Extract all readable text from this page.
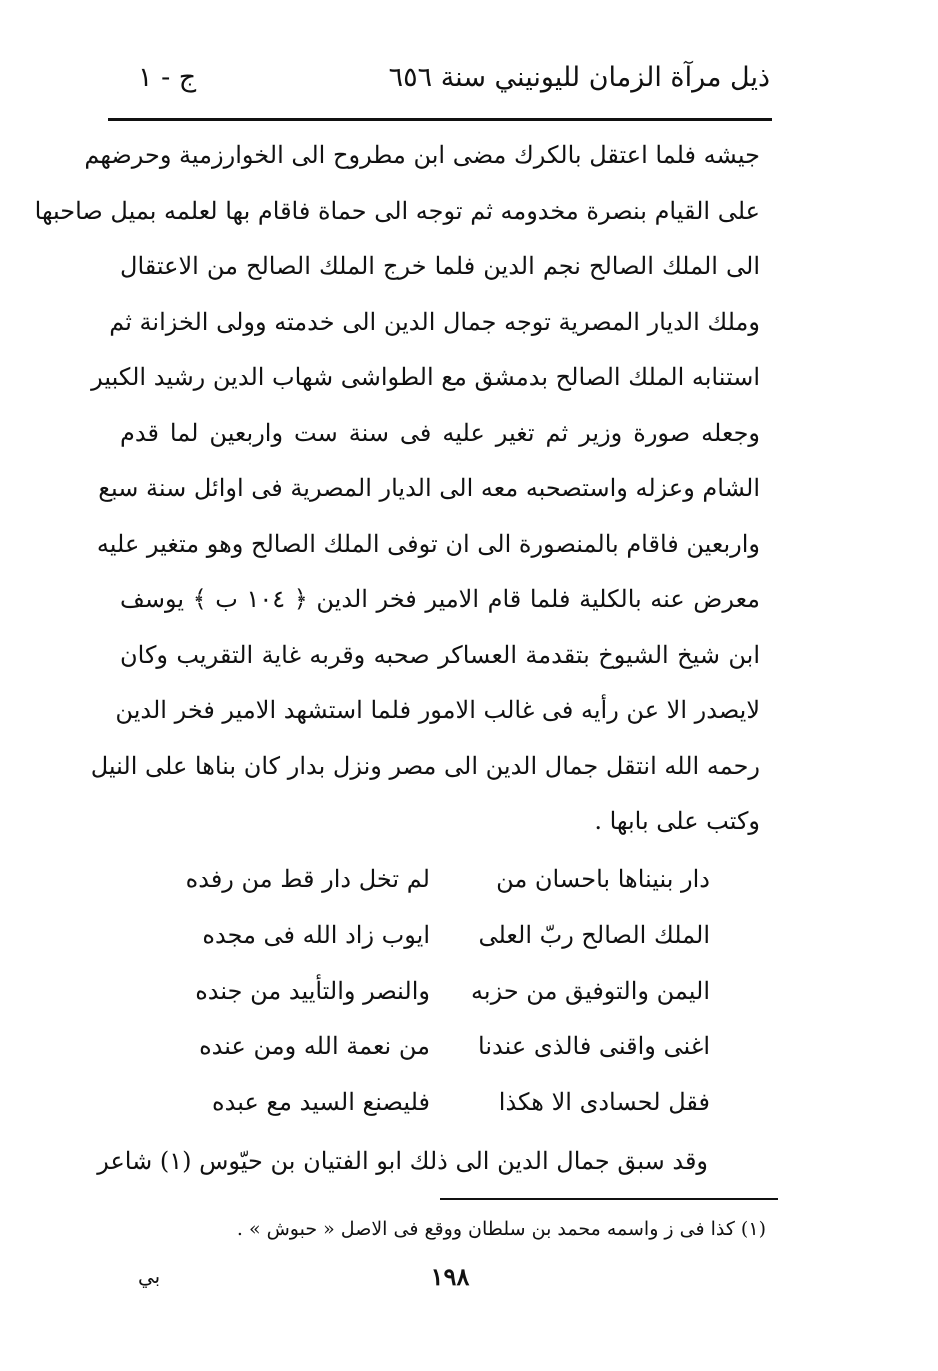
ذيل مرآة الزمان لليونيني سنة ٦٥٦
ج - ١
جيشه فلما اعتقل بالكرك مضى ابن مطروح الى الخوارزمية وحرضهم
على القيام بنصرة مخدومه ثم توجه الى حماة فاقام بها لعلمه بميل صاحبها
الى الملك الصالح نجم الدين فلما خرج الملك الصالح من الاعتقال
وملك الديار المصرية توجه جمال الدين الى خدمته وولى الخزانة ثم
استنابه الملك الصالح بدمشق مع الطواشى شهاب الدين رشيد الكبير
وجعله صورة وزير ثم تغير عليه فى سنة ست واربعين لما قدم
الشام وعزله واستصحبه معه الى الديار المصرية فى اوائل سنة سبع
واربعين فاقام بالمنصورة الى ان توفى الملك الصالح وهو متغير عليه
معرض عنه بالكلية فلما قام الامير فخر الدين ﴿ ١٠٤ ب ﴾ يوسف
ابن شيخ الشيوخ بتقدمة العساكر صحبه وقربه غاية التقريب وكان
لايصدر الا عن رأيه فى غالب الامور فلما استشهد الامير فخر الدين
رحمه الله انتقل جمال الدين الى مصر ونزل بدار كان بناها على النيل
وكتب على بابها .
دار بنيناها باحسان من
لم تخل دار قط من رفده
الملك الصالح ربّ العلى
ايوب زاد الله فى مجده
اليمن والتوفيق من حزبه
والنصر والتأييد من جنده
اغنى واقنى فالذى عندنا
من نعمة الله ومن عنده
فقل لحسادى الا هكذا
فليصنع السيد مع عبده
وقد سبق جمال الدين الى ذلك ابو الفتيان بن حيّوس (١) شاعر
(١) كذا فى ز واسمه محمد بن سلطان ووقع فى الاصل « حبوش » .
١٩٨
بي
